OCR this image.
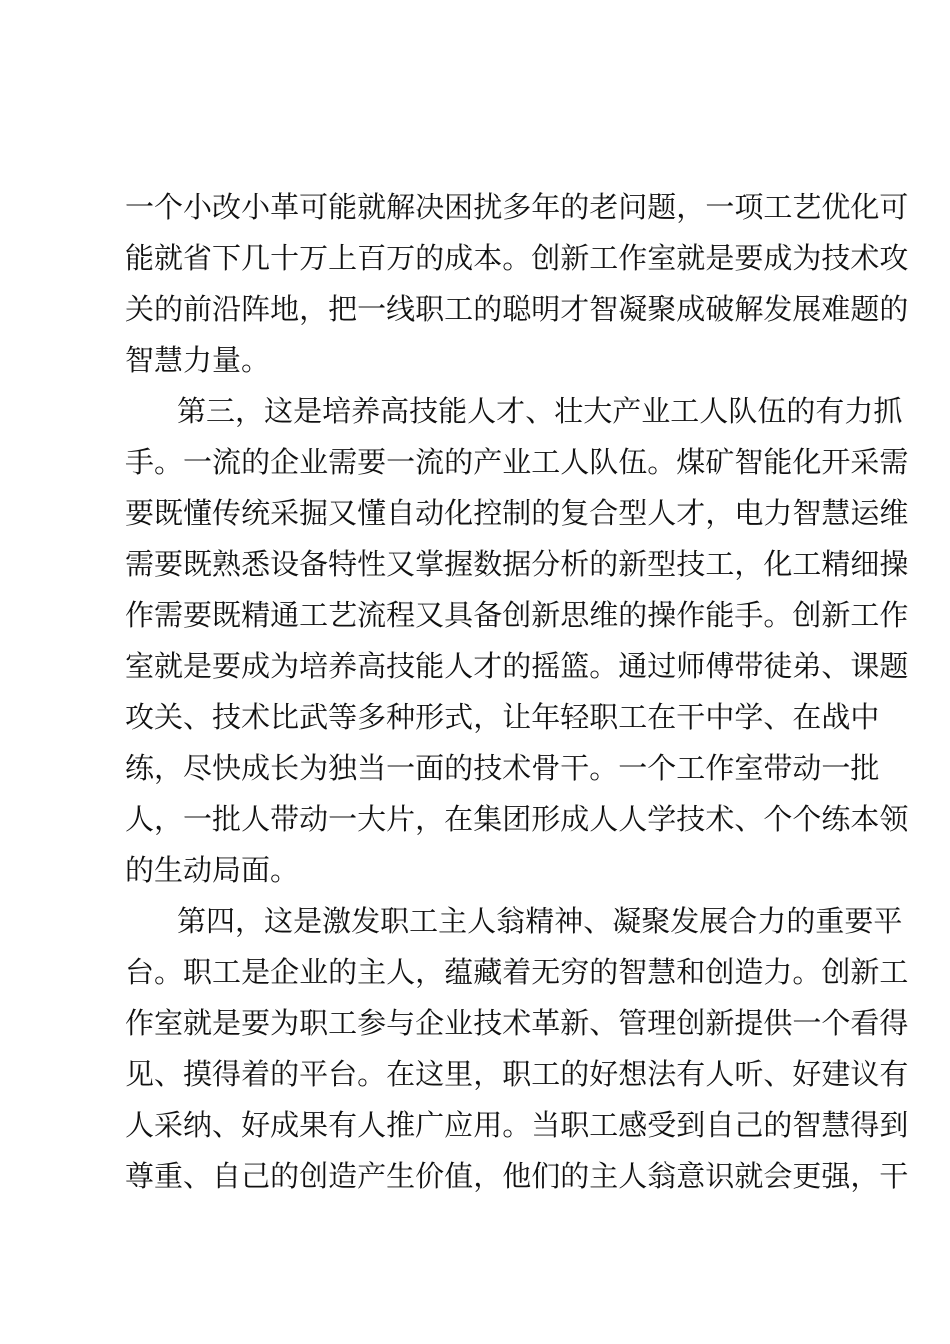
一 个 小 改 小 革 可 能 就 解 决 困 扰 多 年 的 老 问 题 ， 一 项 工 艺 优 化 可
能 就 省 下 几 十 万 上 百 万 的 成 本 。 创 新 工 作 室 就 是 要 成 为 技 术 攻
关 的 前 沿 阵 地 ， 把 一 线 职 工 的 聪 明 才 智 凝 聚 成 破 解 发 展 难 题 的
智慧力量。
第 三 ， 这 是 培 养 高 技 能 人 才 、 壮 大 产 业 工 人 队 伍 的 有 力 抓
手 。 一 流 的 企 业 需 要 一 流 的 产 业 工 人 队 伍 。 煤 矿 智 能 化 开 采 需
要 既 懂 传 统 采 掘 又 懂 自 动 化 控 制 的 复 合 型 人 才 ， 电 力 智 慧 运 维
需 要 既 熟 悉 设 备 特 性 又 掌 握 数 据 分 析 的 新 型 技 工 ， 化 工 精 细 操
作 需 要 既 精 通 工 艺 流 程 又 具 备 创 新 思 维 的 操 作 能 手 。 创 新 工 作
室 就 是 要 成 为 培 养 高 技 能 人 才 的 摇 篮 。 通 过 师 傅 带 徒 弟 、 课 题
攻 关 、 技 术 比 武 等 多 种 形 式 ， 让 年 轻 职 工 在 干 中 学 、 在 战 中
练 ， 尽 快 成 长 为 独 当 一 面 的 技 术 骨 干 。 一 个 工 作 室 带 动 一 批
人 ， 一 批 人 带 动 一 大 片 ， 在 集 团 形 成 人 人 学 技 术 、 个 个 练 本 领
的生动局面。
第 四 ， 这 是 激 发 职 工 主 人 翁 精 神 、 凝 聚 发 展 合 力 的 重 要 平
台 。 职 工 是 企 业 的 主 人 ， 蕴 藏 着 无 穷 的 智 慧 和 创 造 力 。 创 新 工
作 室 就 是 要 为 职 工 参 与 企 业 技 术 革 新 、 管 理 创 新 提 供 一 个 看 得
见 、 摸 得 着 的 平 台 。 在 这 里 ， 职 工 的 好 想 法 有 人 听 、 好 建 议 有
人 采 纳 、 好 成 果 有 人 推 广 应 用 。 当 职 工 感 受 到 自 己 的 智 慧 得 到
尊 重 、 自 己 的 创 造 产 生 价 值 ， 他 们 的 主 人 翁 意 识 就 会 更 强 ， 干
